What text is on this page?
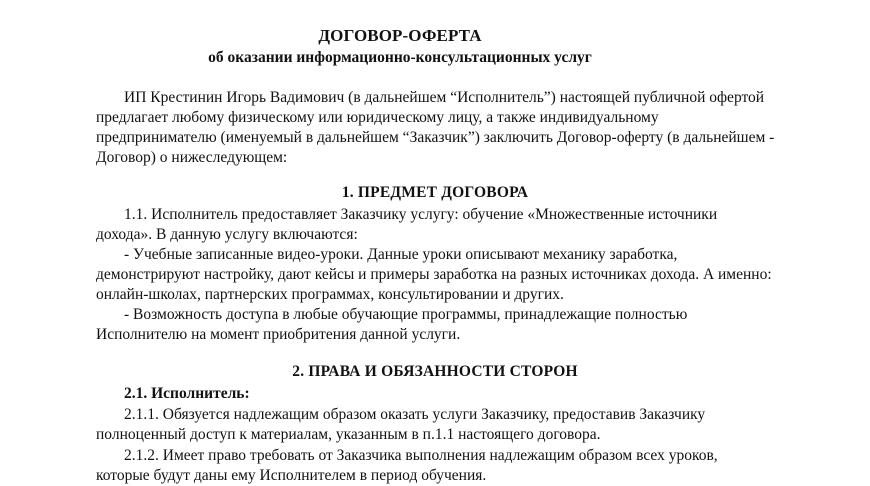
ДОГОВОР-ОФЕРТА
об оказании информационно-консультационных услуг
ИП Крестинин Игорь Вадимович (в дальнейшем “Исполнитель”) настоящей публичной офертой
предлагает любому физическому или юридическому лицу, а также индивидуальному
предпринимателю (именуемый в дальнейшем “Заказчик”) заключить Договор-оферту (в дальнейшем -
Договор) о нижеследующем:
1. ПРЕДМЕТ ДОГОВОРА
1.1. Исполнитель предоставляет Заказчику услугу: обучение «Множественные источники
дохода». В данную услугу включаются:
- Учебные записанные видео-уроки. Данные уроки описывают механику заработка,
демонстрируют настройку, дают кейсы и примеры заработка на разных источниках дохода. А именно:
онлайн-школах, партнерских программах, консультировании и других.
- Возможность доступа в любые обучающие программы, принадлежащие полностью
Исполнителю на момент приобритения данной услуги.
2. ПРАВА И ОБЯЗАННОСТИ СТОРОН
2.1. Исполнитель:
2.1.1. Обязуется надлежащим образом оказать услуги Заказчику, предоставив Заказчику
полноценный доступ к материалам, указанным в п.1.1 настоящего договора.
2.1.2. Имеет право требовать от Заказчика выполнения надлежащим образом всех уроков,
которые будут даны ему Исполнителем в период обучения.
